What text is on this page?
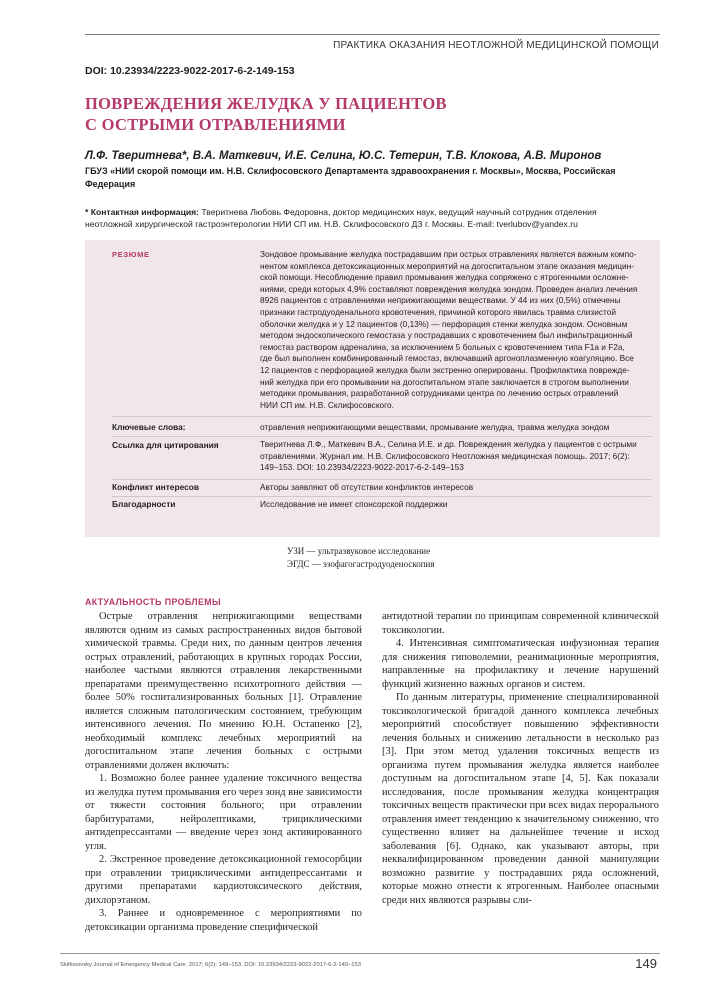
ПРАКТИКА ОКАЗАНИЯ НЕОТЛОЖНОЙ МЕДИЦИНСКОЙ ПОМОЩИ
DOI: 10.23934/2223-9022-2017-6-2-149-153
ПОВРЕЖДЕНИЯ ЖЕЛУДКА У ПАЦИЕНТОВ
С ОСТРЫМИ ОТРАВЛЕНИЯМИ
Л.Ф. Тверитнева*, В.А. Маткевич, И.Е. Селина, Ю.С. Тетерин, Т.В. Клокова, А.В. Миронов
ГБУЗ «НИИ скорой помощи им. Н.В. Склифосовского Департамента здравоохранения г. Москвы», Москва, Российская
Федерация
* Контактная информация: Тверитнева Любовь Федоровна, доктор медицинских наук, ведущий научный сотрудник отделения
неотложной хирургической гастроэнтерологии НИИ СП им. Н.В. Склифосовского ДЗ г. Москвы. E-mail: tverlubov@yandex.ru
РЕЗЮМЕ	Зондовое промывание желудка пострадавшим при острых отравлениях является важным компо-
нентом комплекса детоксикационных мероприятий на догоспитальном этапе оказания медицин-
ской помощи. Несоблюдение правил промывания желудка сопряжено с ятрогенными осложне-
ниями, среди которых 4,9% составляют повреждения желудка зондом. Проведен анализ лечения
8926 пациентов с отравлениями неприжигающими веществами. У 44 из них (0,5%) отмечены
признаки гастродуоденального кровотечения, причиной которого явилась травма слизистой
оболочки желудка и у 12 пациентов (0,13%) — перфорация стенки желудка зондом. Основным
методом эндоскопического гемостаза у пострадавших с кровотечением был инфильтрационный
гемостаз раствором адреналина, за исключением 5 больных с кровотечением типа F1a и F2a,
где был выполнен комбинированный гемостаз, включавший аргоноплазменную коагуляцию. Все
12 пациентов с перфорацией желудка были экстренно оперированы. Профилактика поврежде-
ний желудка при его промывании на догоспитальном этапе заключается в строгом выполнении
методики промывания, разработанной сотрудниками центра по лечению острых отравлений
НИИ СП им. Н.В. Склифосовского.
Ключевые слова:	отравления неприжигающими веществами, промывание желудка, травма желудка зондом
Ссылка для цитирования	Тверитнева Л.Ф., Маткевич В.А., Селина И.Е. и др. Повреждения желудка у пациентов с острыми
отравлениями. Журнал им. Н.В. Склифосовского Неотложная медицинская помощь. 2017; 6(2):
149–153. DOI: 10.23934/2223-9022-2017-6-2-149–153
Конфликт интересов	Авторы заявляют об отсутствии конфликтов интересов
Благодарности	Исследование не имеет спонсорской поддержки
УЗИ — ультразвуковое исследование
ЭГДС — эзофагогастродуоденоскопия
АКТУАЛЬНОСТЬ ПРОБЛЕМЫ

Острые отравления неприжигающими веществами являются одним из самых распространенных видов бытовой химической травмы. Среди них, по данным центров лечения острых отравлений, работающих в крупных городах России, наиболее частыми являются отравления лекарственными препаратами преимущественно психотропного действия — более 50% госпитализированных больных [1]. Отравление является сложным патологическим состоянием, требующим интенсивного лечения. По мнению Ю.Н. Остапенко [2], необходимый комплекс лечебных мероприятий на догоспитальном этапе лечения больных с острыми отравлениями должен включать:

1. Возможно более раннее удаление токсичного вещества из желудка путем промывания его через зонд вне зависимости от тяжести состояния больного; при отравлении барбитуратами, нейролептиками, трициклическими антидепрессантами — введение через зонд активированного угля.

2. Экстренное проведение детоксикационной гемосорбции при отравлении трициклическими антидепрессантами и другими препаратами кардиотоксического действия, дихлорэтаном.

3. Раннее и одновременное с мероприятиями по детоксикации организма проведение специфической

антидотной терапии по принципам современной клинической токсикологии.

4. Интенсивная симптоматическая инфузионная терапия для снижения гиповолемии, реанимационные мероприятия, направленные на профилактику и лечение нарушений функций жизненно важных органов и систем.

По данным литературы, применение специализированной токсикологической бригадой данного комплекса лечебных мероприятий способствует повышению эффективности лечения больных и снижению летальности в несколько раз [3]. При этом метод удаления токсичных веществ из организма путем промывания желудка является наиболее доступным на догоспитальном этапе [4, 5]. Как показали исследования, после промывания желудка концентрация токсичных веществ практически при всех видах перорального отравления имеет тенденцию к значительному снижению, что существенно влияет на дальнейшее течение и исход заболевания [6]. Однако, как указывают авторы, при неквалифицированном проведении данной манипуляции возможно развитие у пострадавших ряда осложнений, которые можно отнести к ятрогенным. Наиболее опасными среди них являются разрывы сли-

Sklifosovsky Journal of Emergency Medical Care. 2017; 6(2): 149–153. DOI: 10.23934/2223-9022-2017-6-2-149–153	149
